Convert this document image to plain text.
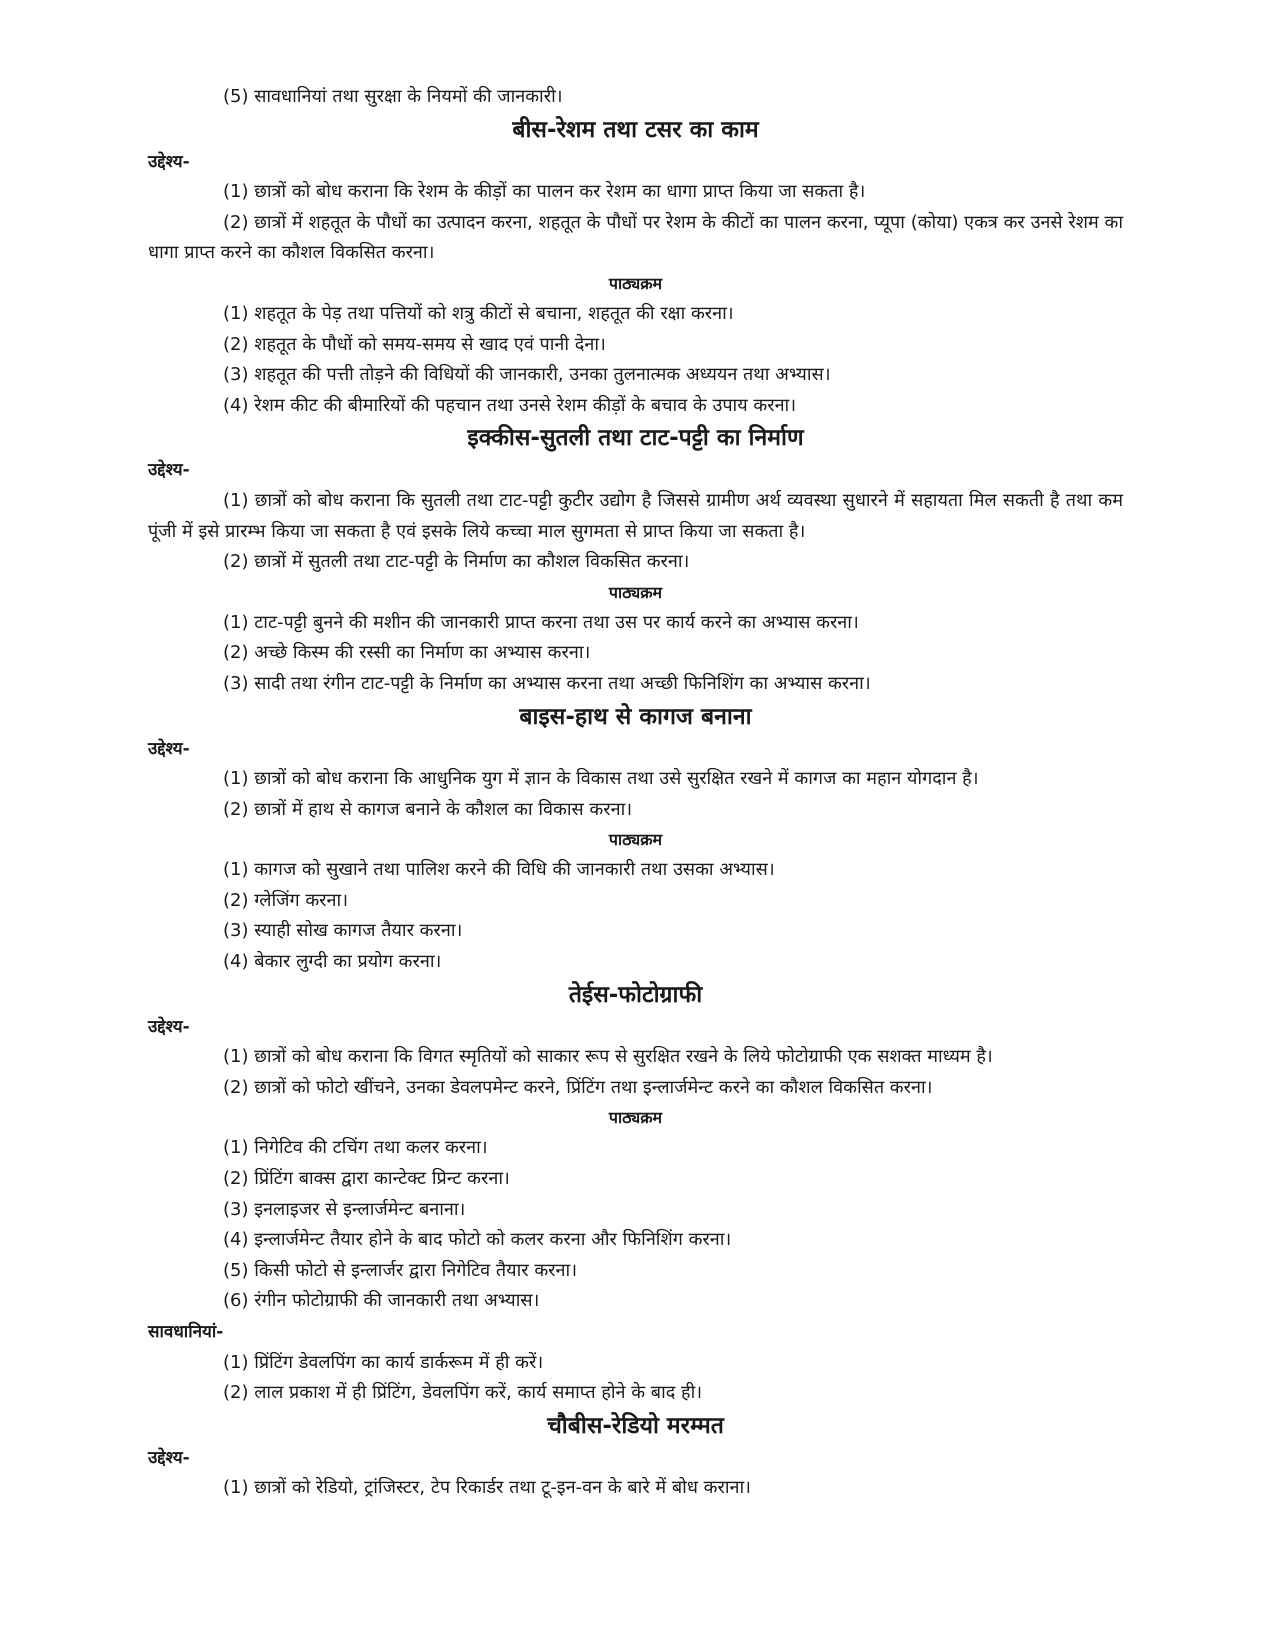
(5) सावधानियां तथा सुरक्षा के नियमों की जानकारी।
बीस-रेशम तथा टसर का काम
उद्देश्य-
(1) छात्रों को बोध कराना कि रेशम के कीड़ों का पालन कर रेशम का धागा प्राप्त किया जा सकता है।
(2) छात्रों में शहतूत के पौधों का उत्पादन करना, शहतूत के पौधों पर रेशम के कीटों का पालन करना, प्यूपा (कोया) एकत्र कर उनसे रेशम का धागा प्राप्त करने का कौशल विकसित करना।
पाठ्यक्रम
(1) शहतूत के पेड़ तथा पत्तियों को शत्रु कीटों से बचाना, शहतूत की रक्षा करना।
(2) शहतूत के पौधों को समय-समय से खाद एवं पानी देना।
(3) शहतूत की पत्ती तोड़ने की विधियों की जानकारी, उनका तुलनात्मक अध्ययन तथा अभ्यास।
(4) रेशम कीट की बीमारियों की पहचान तथा उनसे रेशम कीड़ों के बचाव के उपाय करना।
इक्कीस-सुतली तथा टाट-पट्टी का निर्माण
उद्देश्य-
(1) छात्रों को बोध कराना कि सुतली तथा टाट-पट्टी कुटीर उद्योग है जिससे ग्रामीण अर्थ व्यवस्था सुधारने में सहायता मिल सकती है तथा कम पूंजी में इसे प्रारम्भ किया जा सकता है एवं इसके लिये कच्चा माल सुगमता से प्राप्त किया जा सकता है।
(2) छात्रों में सुतली तथा टाट-पट्टी के निर्माण का कौशल विकसित करना।
पाठ्यक्रम
(1) टाट-पट्टी बुनने की मशीन की जानकारी प्राप्त करना तथा उस पर कार्य करने का अभ्यास करना।
(2) अच्छे किस्म की रस्सी का निर्माण का अभ्यास करना।
(3) सादी तथा रंगीन टाट-पट्टी के निर्माण का अभ्यास करना तथा अच्छी फिनिशिंग का अभ्यास करना।
बाइस-हाथ से कागज बनाना
उद्देश्य-
(1) छात्रों को बोध कराना कि आधुनिक युग में ज्ञान के विकास तथा उसे सुरक्षित रखने में कागज का महान योगदान है।
(2) छात्रों में हाथ से कागज बनाने के कौशल का विकास करना।
पाठ्यक्रम
(1) कागज को सुखाने तथा पालिश करने की विधि की जानकारी तथा उसका अभ्यास।
(2) ग्लेजिंग करना।
(3) स्याही सोख कागज तैयार करना।
(4) बेकार लुग्दी का प्रयोग करना।
तेईस-फोटोग्राफी
उद्देश्य-
(1) छात्रों को बोध कराना कि विगत स्मृतियों को साकार रूप से सुरक्षित रखने के लिये फोटोग्राफी एक सशक्त माध्यम है।
(2) छात्रों को फोटो खींचने, उनका डेवलपमेन्ट करने, प्रिंटिंग तथा इन्लार्जमेन्ट करने का कौशल विकसित करना।
पाठ्यक्रम
(1) निगेटिव की टचिंग तथा कलर करना।
(2) प्रिंटिंग बाक्स द्वारा कान्टेक्ट प्रिन्ट करना।
(3) इनलाइजर से इन्लार्जमेन्ट बनाना।
(4) इन्लार्जमेन्ट तैयार होने के बाद फोटो को कलर करना और फिनिशिंग करना।
(5) किसी फोटो से इन्लार्जर द्वारा निगेटिव तैयार करना।
(6) रंगीन फोटोग्राफी की जानकारी तथा अभ्यास।
सावधानियां-
(1) प्रिंटिंग डेवलपिंग का कार्य डार्करूम में ही करें।
(2) लाल प्रकाश में ही प्रिंटिंग, डेवलपिंग करें, कार्य समाप्त होने के बाद ही।
चौबीस-रेडियो मरम्मत
उद्देश्य-
(1) छात्रों को रेडियो, ट्रांजिस्टर, टेप रिकार्डर तथा टू-इन-वन के बारे में बोध कराना।
